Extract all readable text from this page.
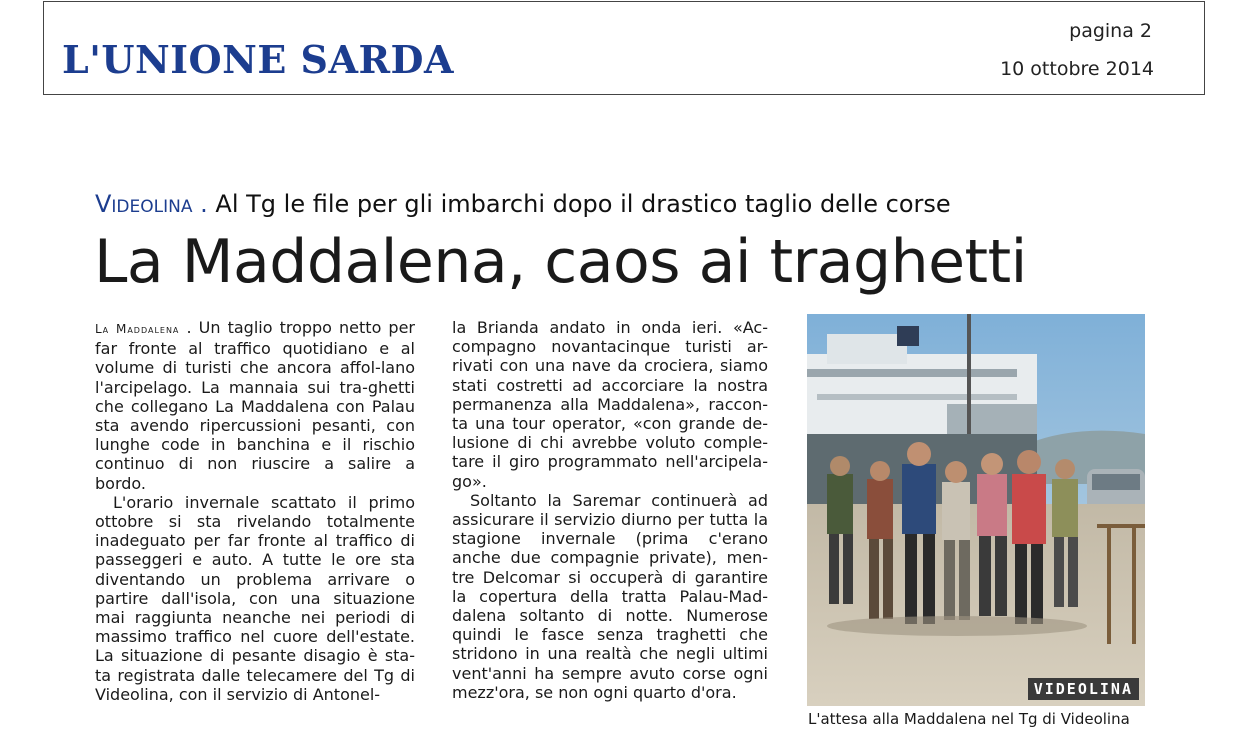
L'UNIONE SARDA
pagina 2
10 ottobre 2014
Videolina . Al Tg le file per gli imbarchi dopo il drastico taglio delle corse
La Maddalena, caos ai traghetti

La Maddalena . Un taglio troppo netto per far fronte al traffico quotidiano e al volume di turisti che ancora affol-lano l'arcipelago. La mannaia sui tra-ghetti che collegano La Maddalena con Palau sta avendo ripercussioni pesanti, con lunghe code in banchina e il rischio continuo di non riuscire a salire a bordo.

L'orario invernale scattato il primo ottobre si sta rivelando totalmente inadeguato per far fronte al traffico di passeggeri e auto. A tutte le ore sta diventando un problema arrivare o partire dall'isola, con una situazione mai raggiunta neanche nei periodi di massimo traffico nel cuore dell'estate. La situazione di pesante disagio è sta-ta registrata dalle telecamere del Tg di Videolina, con il servizio di Antonel-

la Brianda andato in onda ieri. «Ac-compagno novantacinque turisti ar-rivati con una nave da crociera, siamo stati costretti ad accorciare la nostra permanenza alla Maddalena», raccon-ta una tour operator, «con grande de-lusione di chi avrebbe voluto comple-tare il giro programmato nell'arcipela-go».

Soltanto la Saremar continuerà ad assicurare il servizio diurno per tutta la stagione invernale (prima c'erano anche due compagnie private), men-tre Delcomar si occuperà di garantire la copertura della tratta Palau-Mad-dalena soltanto di notte. Numerose quindi le fasce senza traghetti che stridono in una realtà che negli ultimi vent'anni ha sempre avuto corse ogni mezz'ora, se non ogni quarto d'ora.	VIDEOLINA
L'attesa alla Maddalena nel Tg di Videolina
